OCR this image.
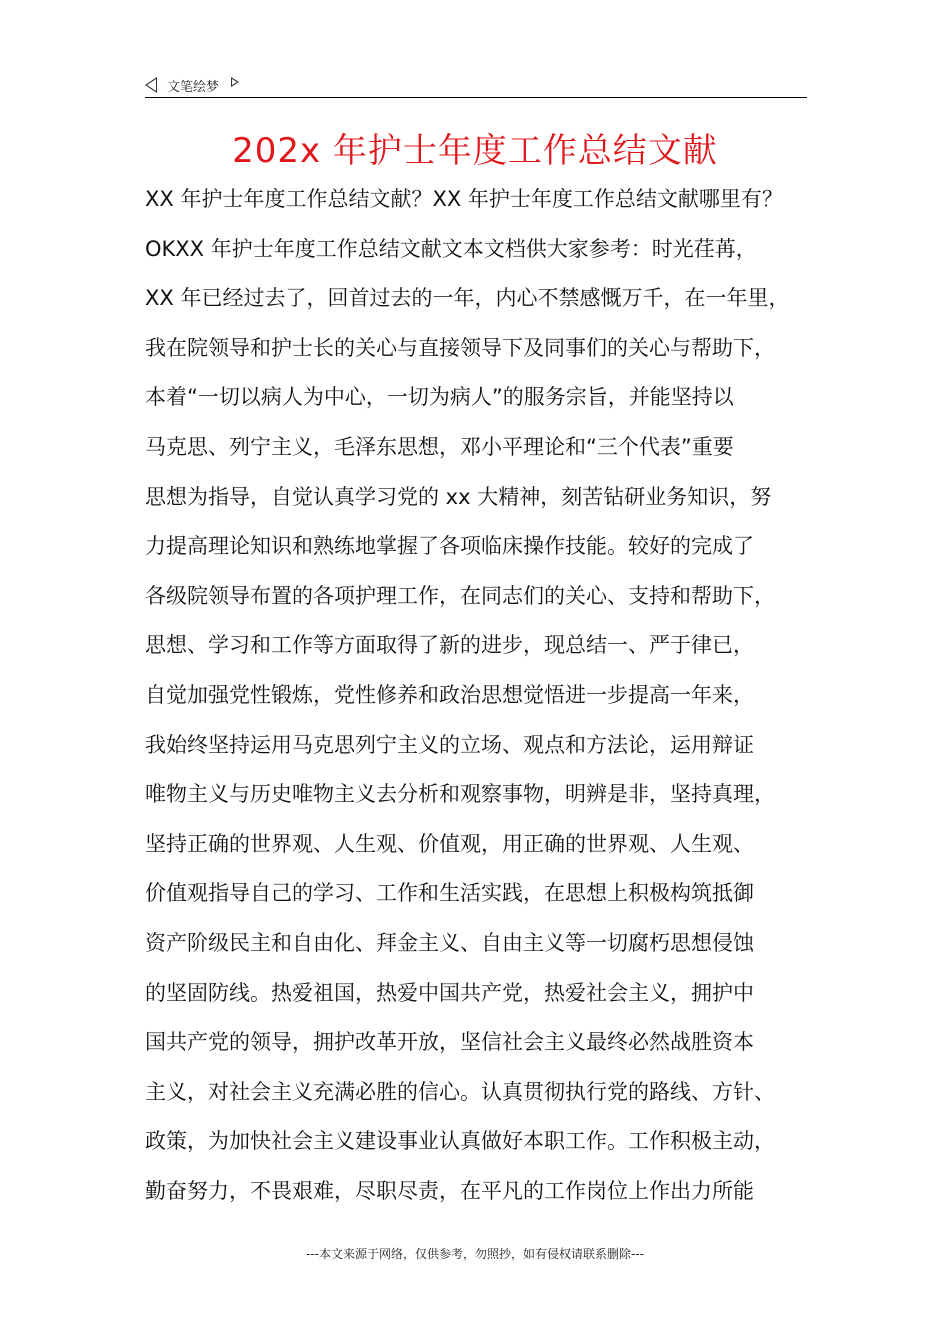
文笔绘梦
202x 年护士年度工作总结文献
XX 年护士年度工作总结文献？XX 年护士年度工作总结文献哪里有？
OKXX 年护士年度工作总结文献文本文档供大家参考：时光荏苒，
XX 年已经过去了，回首过去的一年，内心不禁感慨万千，在一年里，
我在院领导和护士长的关心与直接领导下及同事们的关心与帮助下，
本着“一切以病人为中心，一切为病人”的服务宗旨，并能坚持以
马克思、列宁主义，毛泽东思想，邓小平理论和“三个代表”重要
思想为指导，自觉认真学习党的 xx 大精神，刻苦钻研业务知识，努
力提高理论知识和熟练地掌握了各项临床操作技能。较好的完成了
各级院领导布置的各项护理工作，在同志们的关心、支持和帮助下，
思想、学习和工作等方面取得了新的进步，现总结一、严于律已，
自觉加强党性锻炼，党性修养和政治思想觉悟进一步提高一年来，
我始终坚持运用马克思列宁主义的立场、观点和方法论，运用辩证
唯物主义与历史唯物主义去分析和观察事物，明辨是非，坚持真理，
坚持正确的世界观、人生观、价值观，用正确的世界观、人生观、
价值观指导自己的学习、工作和生活实践，在思想上积极构筑抵御
资产阶级民主和自由化、拜金主义、自由主义等一切腐朽思想侵蚀
的坚固防线。热爱祖国，热爱中国共产党，热爱社会主义，拥护中
国共产党的领导，拥护改革开放，坚信社会主义最终必然战胜资本
主义，对社会主义充满必胜的信心。认真贯彻执行党的路线、方针、
政策，为加快社会主义建设事业认真做好本职工作。工作积极主动，
勤奋努力，不畏艰难，尽职尽责，在平凡的工作岗位上作出力所能
---本文来源于网络，仅供参考，勿照抄，如有侵权请联系删除---
